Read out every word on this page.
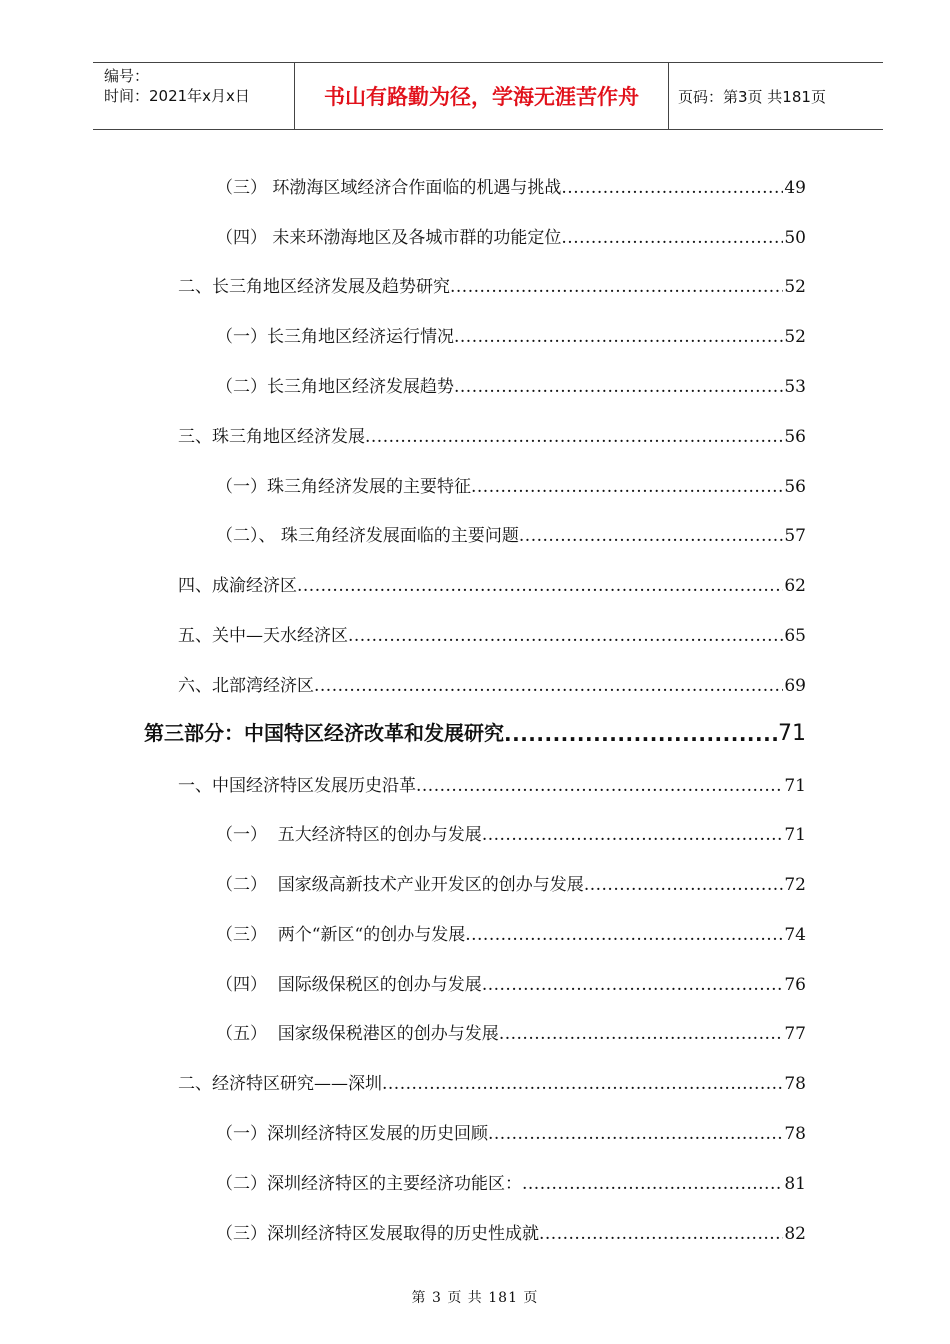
编号：
时间：2021年x月x日	书山有路勤为径，学海无涯苦作舟	页码：第3页 共181页
（三） 环渤海区域经济合作面临的机遇与挑战 .....	49
（四） 未来环渤海地区及各城市群的功能定位 .....	50
二、长三角地区经济发展及趋势研究 .....	52
（一）长三角地区经济运行情况 .....	52
（二）长三角地区经济发展趋势 .....	53
三、珠三角地区经济发展 .....	56
（一）珠三角经济发展的主要特征 .....	56
（二）、 珠三角经济发展面临的主要问题 .....	57
四、成渝经济区 .....	62
五、关中—天水经济区 .....	65
六、北部湾经济区 .....	69
第三部分：中国特区经济改革和发展研究 .....	71
一、中国经济特区发展历史沿革 .....	71
（一）  五大经济特区的创办与发展 .....	71
（二）  国家级高新技术产业开发区的创办与发展 .....	72
（三）  两个“新区“的创办与发展 .....	74
（四）  国际级保税区的创办与发展 .....	76
（五）  国家级保税港区的创办与发展 .....	77
二、经济特区研究——深圳 .....	78
（一）深圳经济特区发展的历史回顾 .....	78
（二）深圳经济特区的主要经济功能区： .....	81
（三）深圳经济特区发展取得的历史性成就 .....	82
第 3 页 共 181 页
